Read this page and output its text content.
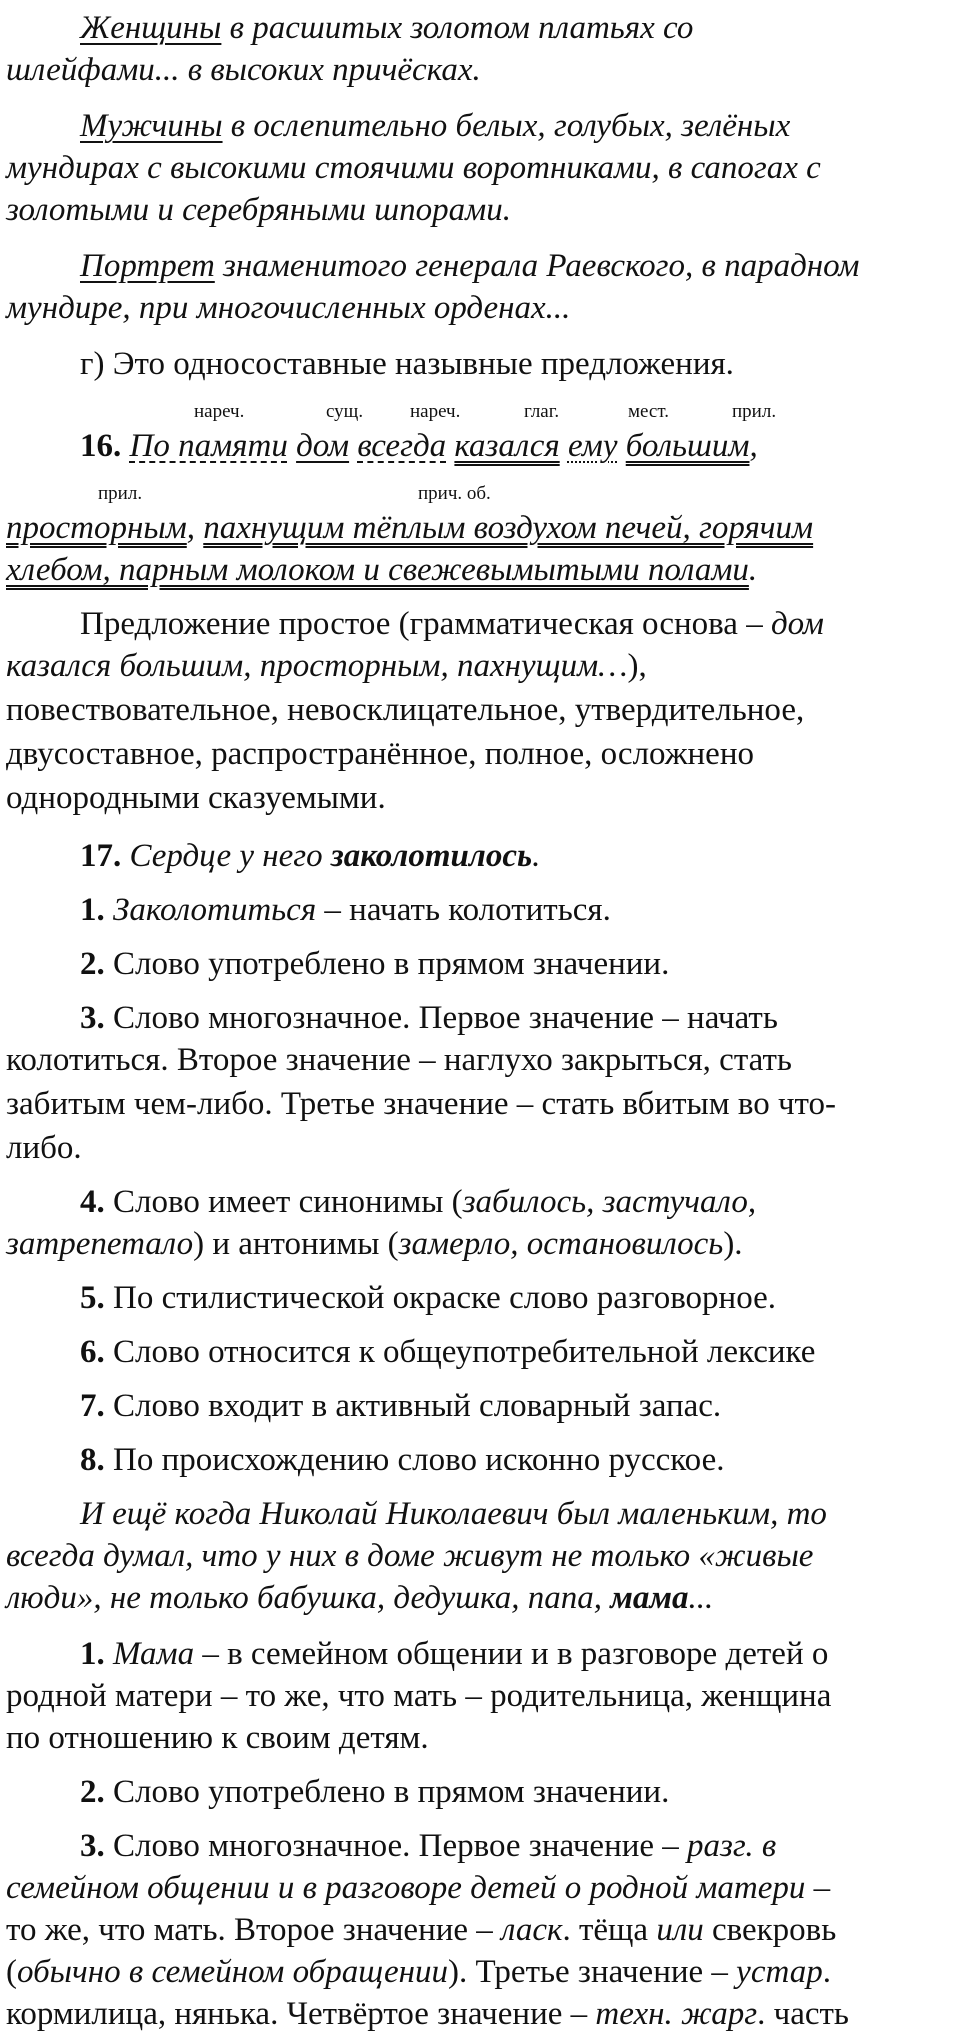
Женщины в расшитых золотом платьях со
шлейфами... в высоких причёсках.
Мужчины в ослепительно белых, голубых, зелёных
мундирах с высокими стоячими воротниками, в сапогах с
золотыми и серебряными шпорами.
Портрет знаменитого генерала Раевского, в парадном
мундире, при многочисленных орденах...
г) Это односоставные назывные предложения.
нареч.	сущ. нареч.	глаг.	мест.	прил.
16. По памяти дом всегда казался ему большим,
прил.	прич. об.
просторным, пахнущим тёплым воздухом печей, горячим
хлебом, парным молоком и свежевымытыми полами.
Предложение простое (грамматическая основа – дом
казался большим, просторным, пахнущим…),
повествовательное, невосклицательное, утвердительное,
двусоставное, распространённое, полное, осложнено
однородными сказуемыми.
17. Сердце у него заколотилось.
1. Заколотиться – начать колотиться.
2. Слово употреблено в прямом значении.
3. Слово многозначное. Первое значение – начать
колотиться. Второе значение – наглухо закрыться, стать
забитым чем-либо. Третье значение – стать вбитым во что-
либо.
4. Слово имеет синонимы (забилось, застучало,
затрепетало) и антонимы (замерло, остановилось).
5. По стилистической окраске слово разговорное.
6. Слово относится к общеупотребительной лексике
7. Слово входит в активный словарный запас.
8. По происхождению слово исконно русское.
И ещё когда Николай Николаевич был маленьким, то
всегда думал, что у них в доме живут не только «живые
люди», не только бабушка, дедушка, папа, мама...
1. Мама – в семейном общении и в разговоре детей о
родной матери – то же, что мать – родительница, женщина
по отношению к своим детям.
2. Слово употреблено в прямом значении.
3. Слово многозначное. Первое значение – разг. в
семейном общении и в разговоре детей о родной матери –
то же, что мать. Второе значение – ласк. тёща или свекровь
(обычно в семейном обращении). Третье значение – устар.
кормилица, нянька. Четвёртое значение – техн. жарг. часть
